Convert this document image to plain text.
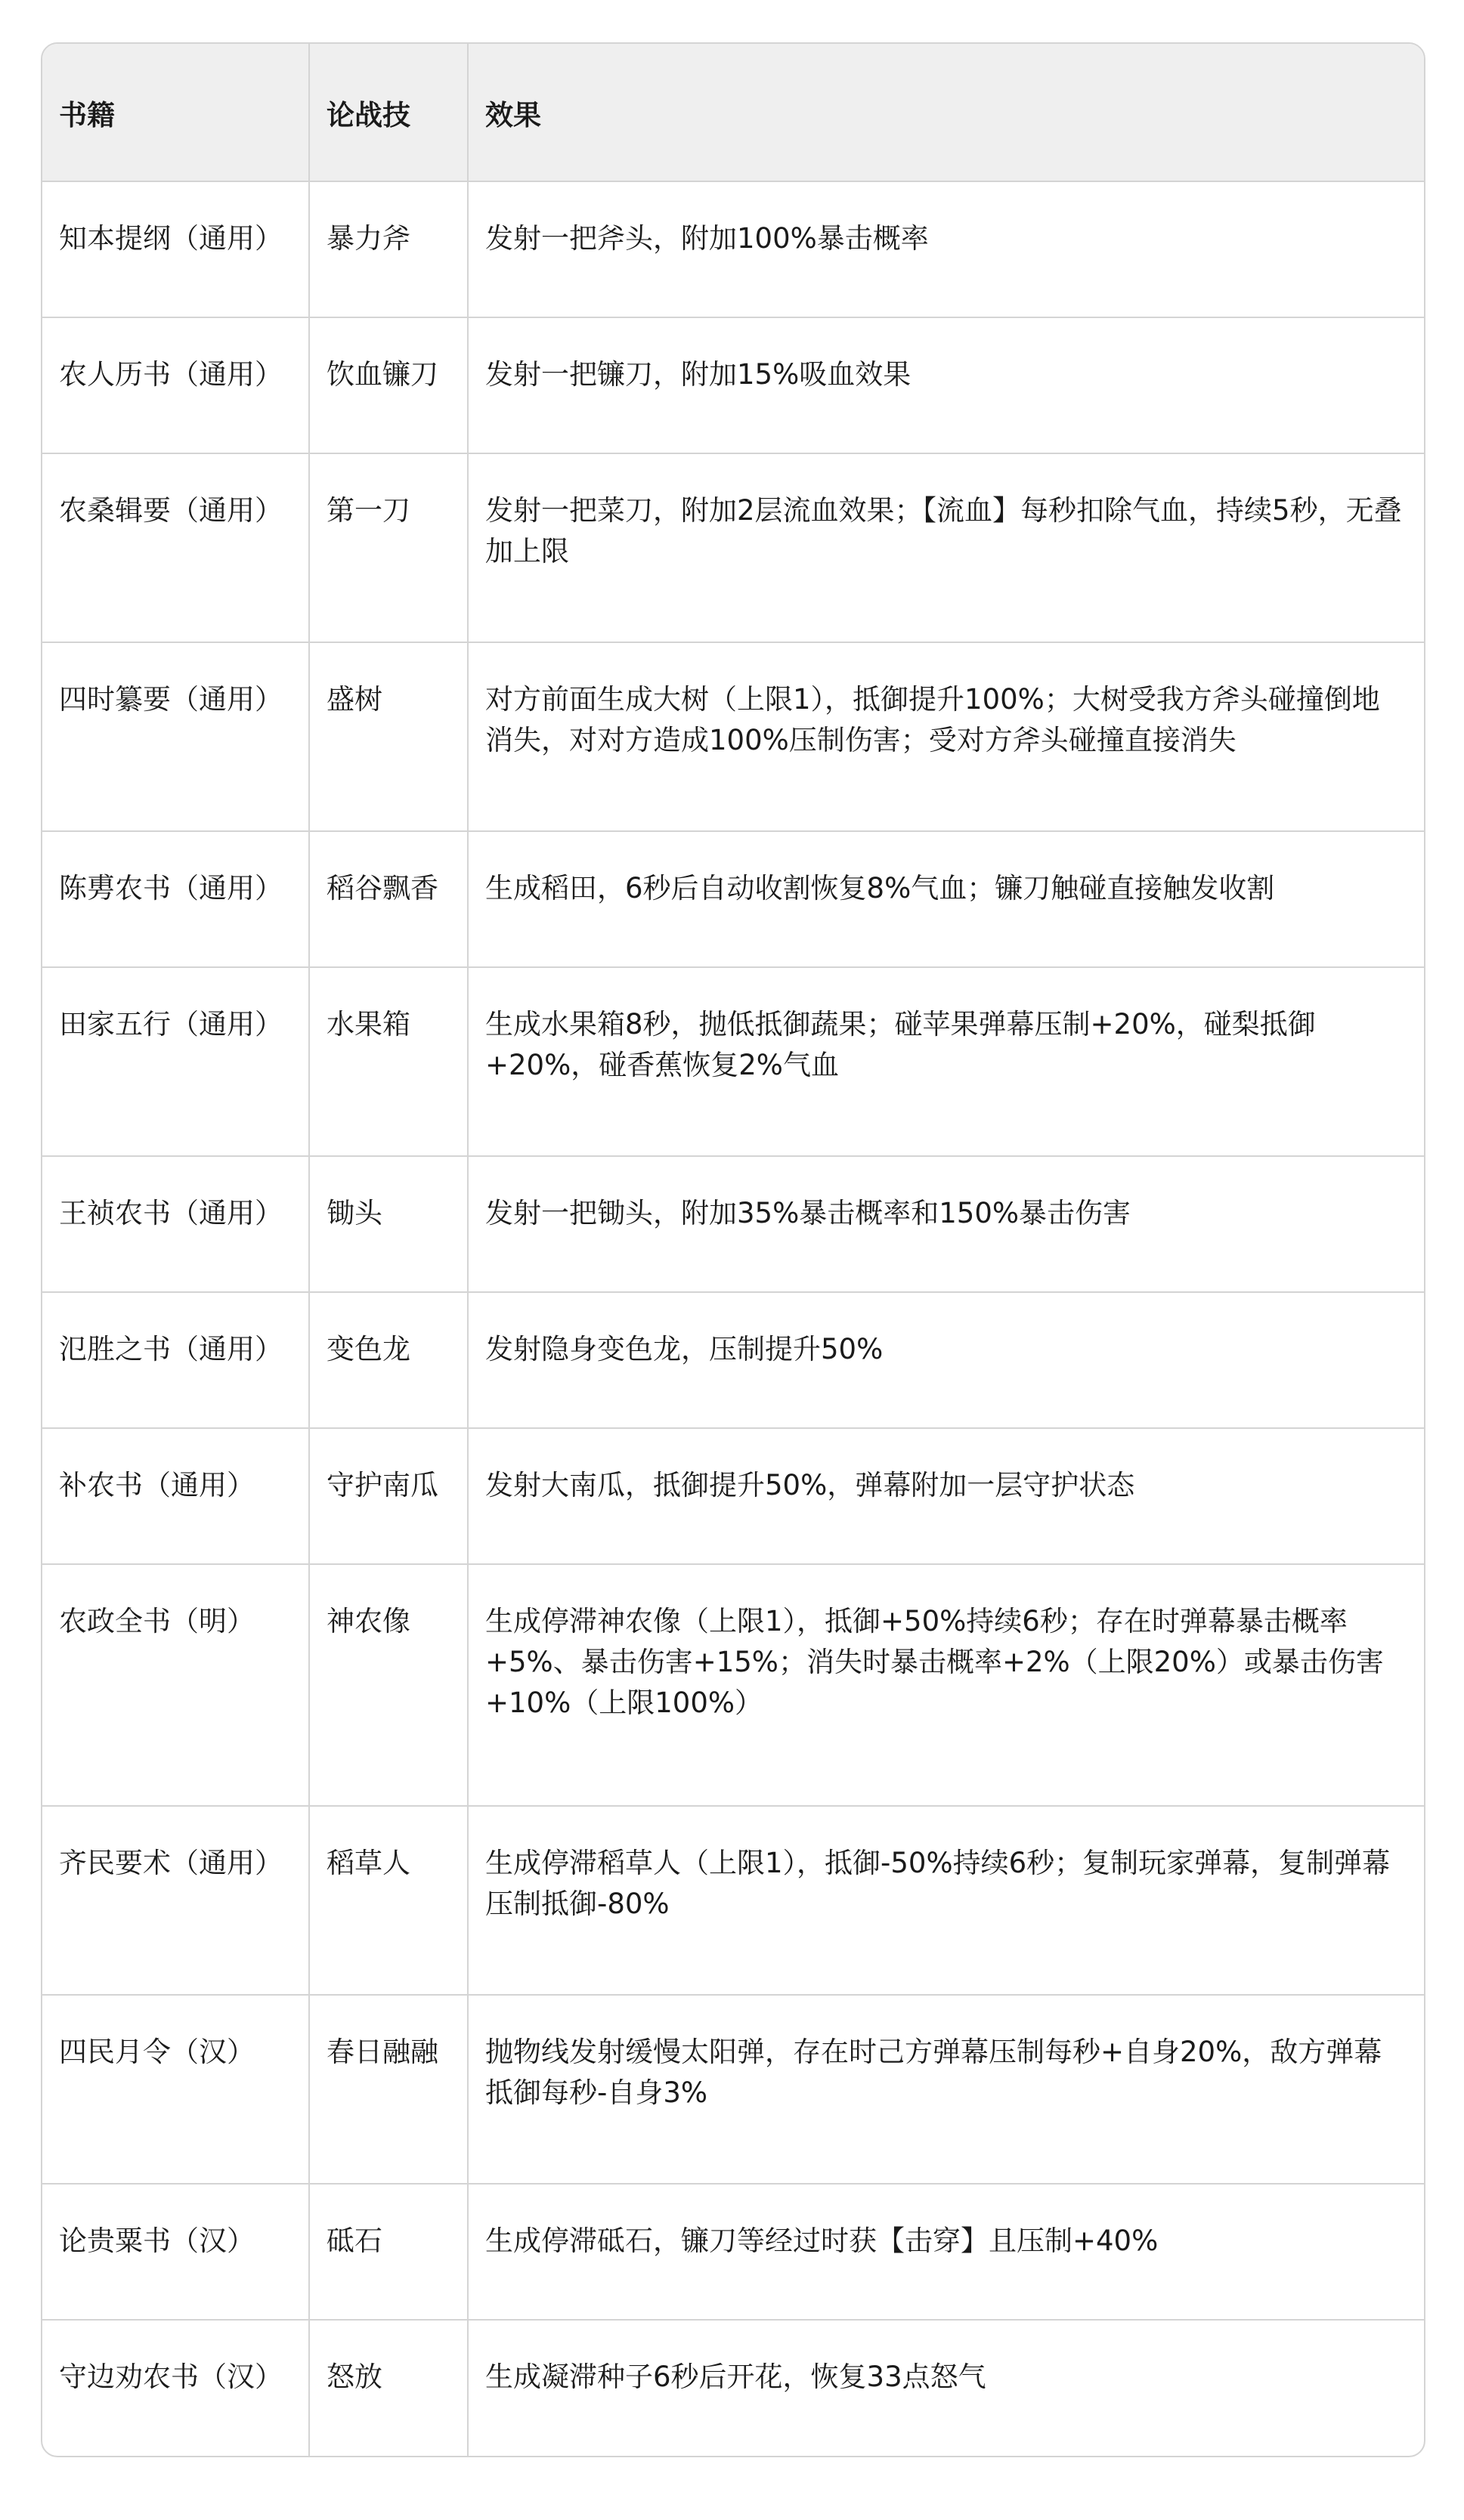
书籍	论战技	效果
知本提纲（通用）	暴力斧	发射一把斧头，附加100%暴击概率
农人历书（通用）	饮血镰刀	发射一把镰刀，附加15%吸血效果
农桑辑要（通用）	第一刀	发射一把菜刀，附加2层流血效果；【流血】每秒扣除气血，持续5秒，无叠加上限
四时纂要（通用）	盛树	对方前面生成大树（上限1），抵御提升100%；大树受我方斧头碰撞倒地消失，对对方造成100%压制伤害；受对方斧头碰撞直接消失
陈旉农书（通用）	稻谷飘香	生成稻田，6秒后自动收割恢复8%气血；镰刀触碰直接触发收割
田家五行（通用）	水果箱	生成水果箱8秒，抛低抵御蔬果；碰苹果弹幕压制+20%，碰梨抵御+20%，碰香蕉恢复2%气血
王祯农书（通用）	锄头	发射一把锄头，附加35%暴击概率和150%暴击伤害
氾胜之书（通用）	变色龙	发射隐身变色龙，压制提升50%
补农书（通用）	守护南瓜	发射大南瓜，抵御提升50%，弹幕附加一层守护状态
农政全书（明）	神农像	生成停滞神农像（上限1），抵御+50%持续6秒；存在时弹幕暴击概率+5%、暴击伤害+15%；消失时暴击概率+2%（上限20%）或暴击伤害+10%（上限100%）
齐民要术（通用）	稻草人	生成停滞稻草人（上限1），抵御-50%持续6秒；复制玩家弹幕，复制弹幕压制抵御-80%
四民月令（汉）	春日融融	抛物线发射缓慢太阳弹，存在时己方弹幕压制每秒+自身20%，敌方弹幕抵御每秒-自身3%
论贵粟书（汉）	砥石	生成停滞砥石，镰刀等经过时获【击穿】且压制+40%
守边劝农书（汉）	怒放	生成凝滞种子6秒后开花，恢复33点怒气
